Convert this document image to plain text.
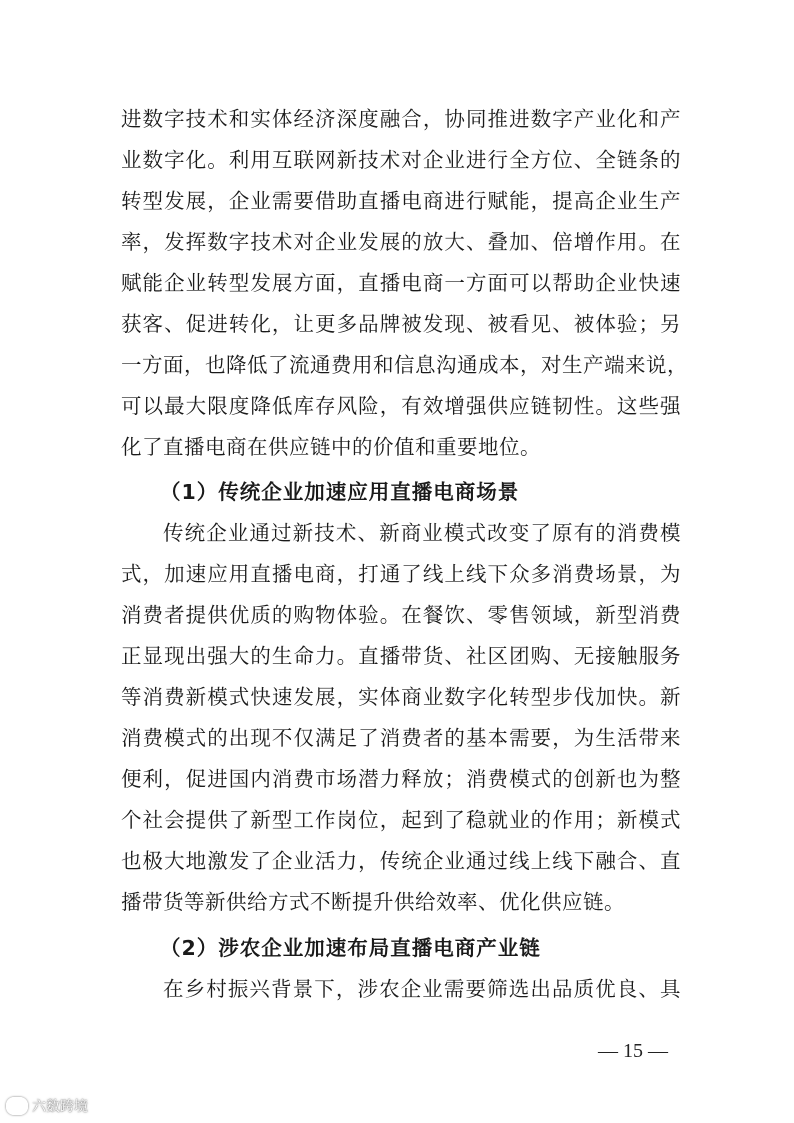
进数字技术和实体经济深度融合，协同推进数字产业化和产
业数字化。利用互联网新技术对企业进行全方位、全链条的
转型发展，企业需要借助直播电商进行赋能，提高企业生产
率，发挥数字技术对企业发展的放大、叠加、倍增作用。在
赋能企业转型发展方面，直播电商一方面可以帮助企业快速
获客、促进转化，让更多品牌被发现、被看见、被体验；另
一方面，也降低了流通费用和信息沟通成本，对生产端来说，
可以最大限度降低库存风险，有效增强供应链韧性。这些强
化了直播电商在供应链中的价值和重要地位。
（1）传统企业加速应用直播电商场景
传统企业通过新技术、新商业模式改变了原有的消费模
式，加速应用直播电商，打通了线上线下众多消费场景，为
消费者提供优质的购物体验。在餐饮、零售领域，新型消费
正显现出强大的生命力。直播带货、社区团购、无接触服务
等消费新模式快速发展，实体商业数字化转型步伐加快。新
消费模式的出现不仅满足了消费者的基本需要，为生活带来
便利，促进国内消费市场潜力释放；消费模式的创新也为整
个社会提供了新型工作岗位，起到了稳就业的作用；新模式
也极大地激发了企业活力，传统企业通过线上线下融合、直
播带货等新供给方式不断提升供给效率、优化供应链。
（2）涉农企业加速布局直播电商产业链
在乡村振兴背景下，涉农企业需要筛选出品质优良、具
— 15 —
六数跨境
